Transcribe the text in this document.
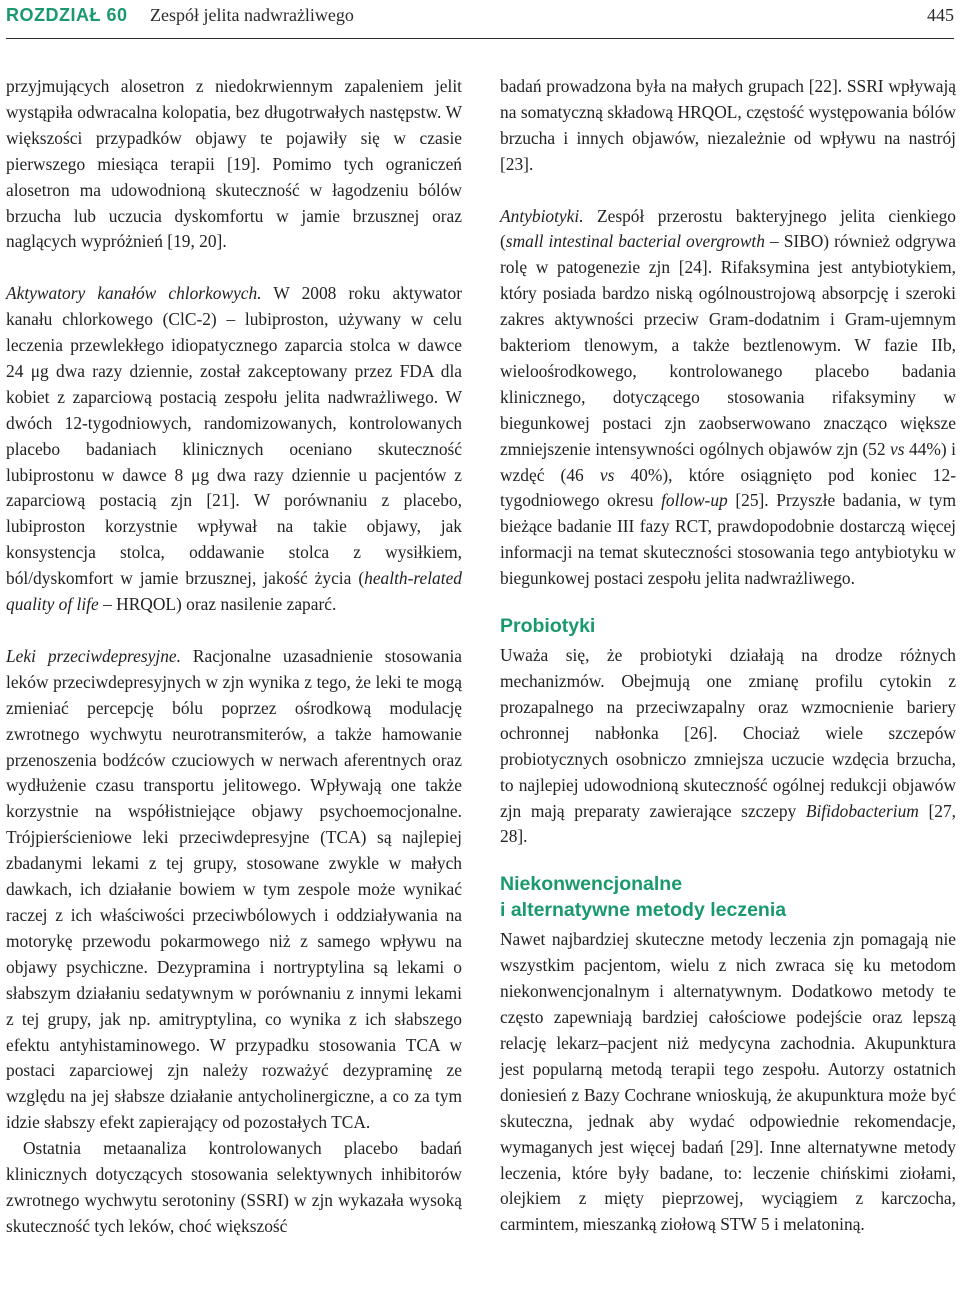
ROZDZIAŁ 60 Zespół jelita nadwrażliwego	445

przyjmujących alosetron z niedokrwiennym zapaleniem jelit wystąpiła odwracalna kolopatia, bez długotrwałych następstw. W większości przypadków objawy te pojawiły się w czasie pierwszego miesiąca terapii [19]. Pomimo tych ograniczeń alosetron ma udowodnioną skuteczność w łagodzeniu bólów brzucha lub uczucia dyskomfortu w jamie brzusznej oraz naglących wypróżnień [19, 20].

Aktywatory kanałów chlorkowych. W 2008 roku aktywator kanału chlorkowego (ClC-2) – lubiproston, używany w celu leczenia przewlekłego idiopatycznego zaparcia stolca w dawce 24 μg dwa razy dziennie, został zakceptowany przez FDA dla kobiet z zaparciową postacią zespołu jelita nadwrażliwego. W dwóch 12-tygodniowych, randomizowanych, kontrolowanych placebo badaniach klinicznych oceniano skuteczność lubiprostonu w dawce 8 μg dwa razy dziennie u pacjentów z zaparciową postacią zjn [21]. W porównaniu z placebo, lubiproston korzystnie wpływał na takie objawy, jak konsystencja stolca, oddawanie stolca z wysiłkiem, ból/dyskomfort w jamie brzusznej, jakość życia (health-related quality of life – HRQOL) oraz nasilenie zaparć.

Leki przeciwdepresyjne. Racjonalne uzasadnienie stosowania leków przeciwdepresyjnych w zjn wynika z tego, że leki te mogą zmieniać percepcję bólu poprzez ośrodkową modulację zwrotnego wychwytu neurotransmiterów, a także hamowanie przenoszenia bodźców czuciowych w nerwach aferentnych oraz wydłużenie czasu transportu jelitowego. Wpływają one także korzystnie na współistniejące objawy psychoemocjonalne. Trójpierścieniowe leki przeciwdepresyjne (TCA) są najlepiej zbadanymi lekami z tej grupy, stosowane zwykle w małych dawkach, ich działanie bowiem w tym zespole może wynikać raczej z ich właściwości przeciwbólowych i oddziaływania na motorykę przewodu pokarmowego niż z samego wpływu na objawy psychiczne. Dezypramina i nortryptylina są lekami o słabszym działaniu sedatywnym w porównaniu z innymi lekami z tej grupy, jak np. amitryptylina, co wynika z ich słabszego efektu antyhistaminowego. W przypadku stosowania TCA w postaci zaparciowej zjn należy rozważyć dezypraminę ze względu na jej słabsze działanie antycholinergiczne, a co za tym idzie słabszy efekt zapierający od pozostałych TCA.

Ostatnia metaanaliza kontrolowanych placebo badań klinicznych dotyczących stosowania selektywnych inhibitorów zwrotnego wychwytu serotoniny (SSRI) w zjn wykazała wysoką skuteczność tych leków, choć większość

badań prowadzona była na małych grupach [22]. SSRI wpływają na somatyczną składową HRQOL, częstość występowania bólów brzucha i innych objawów, niezależnie od wpływu na nastrój [23].

Antybiotyki. Zespół przerostu bakteryjnego jelita cienkiego (small intestinal bacterial overgrowth – SIBO) również odgrywa rolę w patogenezie zjn [24]. Rifaksymina jest antybiotykiem, który posiada bardzo niską ogólnoustrojową absorpcję i szeroki zakres aktywności przeciw Gram-dodatnim i Gram-ujemnym bakteriom tlenowym, a także beztlenowym. W fazie IIb, wieloośrodkowego, kontrolowanego placebo badania klinicznego, dotyczącego stosowania rifaksyminy w biegunkowej postaci zjn zaobserwowano znacząco większe zmniejszenie intensywności ogólnych objawów zjn (52 vs 44%) i wzdęć (46 vs 40%), które osiągnięto pod koniec 12-tygodniowego okresu follow-up [25]. Przyszłe badania, w tym bieżące badanie III fazy RCT, prawdopodobnie dostarczą więcej informacji na temat skuteczności stosowania tego antybiotyku w biegunkowej postaci zespołu jelita nadwrażliwego.

Probiotyki

Uważa się, że probiotyki działają na drodze różnych mechanizmów. Obejmują one zmianę profilu cytokin z prozapalnego na przeciwzapalny oraz wzmocnienie bariery ochronnej nabłonka [26]. Chociaż wiele szczepów probiotycznych osobniczo zmniejsza uczucie wzdęcia brzucha, to najlepiej udowodnioną skuteczność ogólnej redukcji objawów zjn mają preparaty zawierające szczepy Bifidobacterium [27, 28].

Niekonwencjonalne
i alternatywne metody leczenia

Nawet najbardziej skuteczne metody leczenia zjn pomagają nie wszystkim pacjentom, wielu z nich zwraca się ku metodom niekonwencjonalnym i alternatywnym. Dodatkowo metody te często zapewniają bardziej całościowe podejście oraz lepszą relację lekarz–pacjent niż medycyna zachodnia. Akupunktura jest popularną metodą terapii tego zespołu. Autorzy ostatnich doniesień z Bazy Cochrane wnioskują, że akupunktura może być skuteczna, jednak aby wydać odpowiednie rekomendacje, wymaganych jest więcej badań [29]. Inne alternatywne metody leczenia, które były badane, to: leczenie chińskimi ziołami, olejkiem z mięty pieprzowej, wyciągiem z karczocha, carmintem, mieszanką ziołową STW 5 i melatoniną.
